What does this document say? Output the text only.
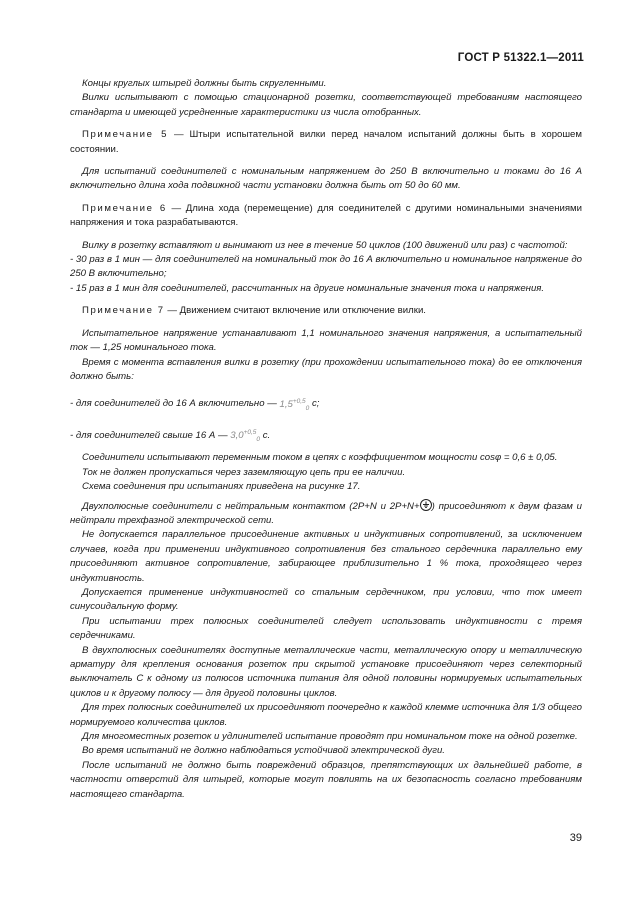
ГОСТ Р 51322.1—2011

Концы круглых штырей должны быть скругленными.

Вилки испытывают с помощью стационарной розетки, соответствующей требованиям настоящего стандарта и имеющей усредненные характеристики из числа отобранных.

Примечание 5 — Штыри испытательной вилки перед началом испытаний должны быть в хорошем состоянии.

Для испытаний соединителей с номинальным напряжением до 250 В включительно и токами до 16 А включительно длина хода подвижной части установки должна быть от 50 до 60 мм.

Примечание 6 — Длина хода (перемещение) для соединителей с другими номинальными значениями напряжения и тока разрабатываются.

Вилку в розетку вставляют и вынимают из нее в течение 50 циклов (100 движений или раз) с частотой:

- 30 раз в 1 мин — для соединителей на номинальный ток до 16 А включительно и номинальное напряжение до 250 В включительно;

- 15 раз в 1 мин для соединителей, рассчитанных на другие номинальные значения тока и напряжения.

Примечание 7 — Движением считают включение или отключение вилки.

Испытательное напряжение устанавливают 1,1 номинального значения напряжения, а испытательный ток — 1,25 номинального тока.

Время с момента вставления вилки в розетку (при прохождении испытательного тока) до ее отключения должно быть:

- для соединителей до 16 А включительно — $1,5^{+0,5}_0$ с;

- для соединителей свыше 16 А — $3,0^{+0,5}_0$ с.

Соединители испытывают переменным током в цепях с коэффициентом мощности cosφ = 0,6 ± 0,05.

Ток не должен пропускаться через заземляющую цепь при ее наличии.

Схема соединения при испытаниях приведена на рисунке 17.

Двухполюсные соединители с нейтральным контактом (2P+N и 2P+N+ ) присоединяют к двум фазам и нейтрали трехфазной электрической сети.

Не допускается параллельное присоединение активных и индуктивных сопротивлений, за исключением случаев, когда при применении индуктивного сопротивления без стального сердечника параллельно ему присоединяют активное сопротивление, забирающее приблизительно 1 % тока, проходящего через индуктивность.

Допускается применение индуктивностей со стальным сердечником, при условии, что ток имеет синусоидальную форму.

При испытании трех полюсных соединителей следует использовать индуктивности с тремя сердечниками.

В двухполюсных соединителях доступные металлические части, металлическую опору и металлическую арматуру для крепления основания розеток при скрытой установке присоединяют через селекторный выключатель С к одному из полюсов источника питания для одной половины нормируемых испытательных циклов и к другому полюсу — для другой половины циклов.

Для трех полюсных соединителей их присоединяют поочередно к каждой клемме источника для 1/3 общего нормируемого количества циклов.

Для многоместных розеток и удлинителей испытание проводят при номинальном токе на одной розетке.

Во время испытаний не должно наблюдаться устойчивой электрической дуги.

После испытаний не должно быть повреждений образцов, препятствующих их дальнейшей работе, в частности отверстий для штырей, которые могут повлиять на их безопасность согласно требованиям настоящего стандарта.

39
